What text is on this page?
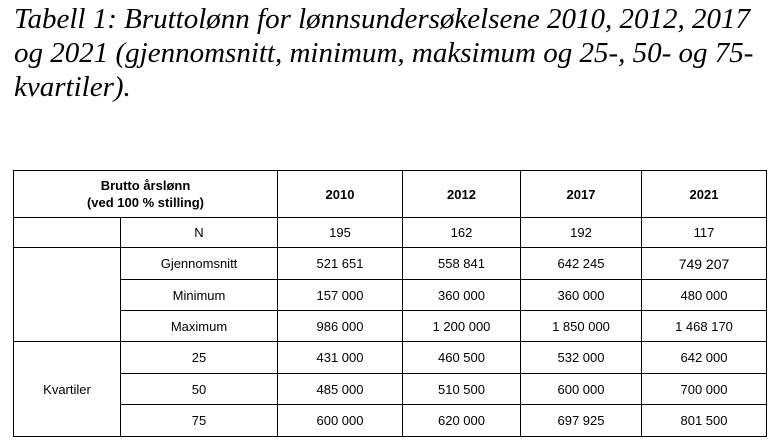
Tabell 1: Bruttolønn for lønnsundersøkelsene 2010, 2012, 2017 og 2021 (gjennomsnitt, minimum, maksimum og 25-, 50- og 75-kvartiler).

Brutto årslønn
(ved 100 % stilling)		2010	2012	2017	2021
	N	195	162	192	117
	Gjennomsnitt	521 651	558 841	642 245	749 207
	Minimum	157 000	360 000	360 000	480 000
	Maximum	986 000	1 200 000	1 850 000	1 468 170
Kvartiler	25	431 000	460 500	532 000	642 000
	50	485 000	510 500	600 000	700 000
	75	600 000	620 000	697 925	801 500
